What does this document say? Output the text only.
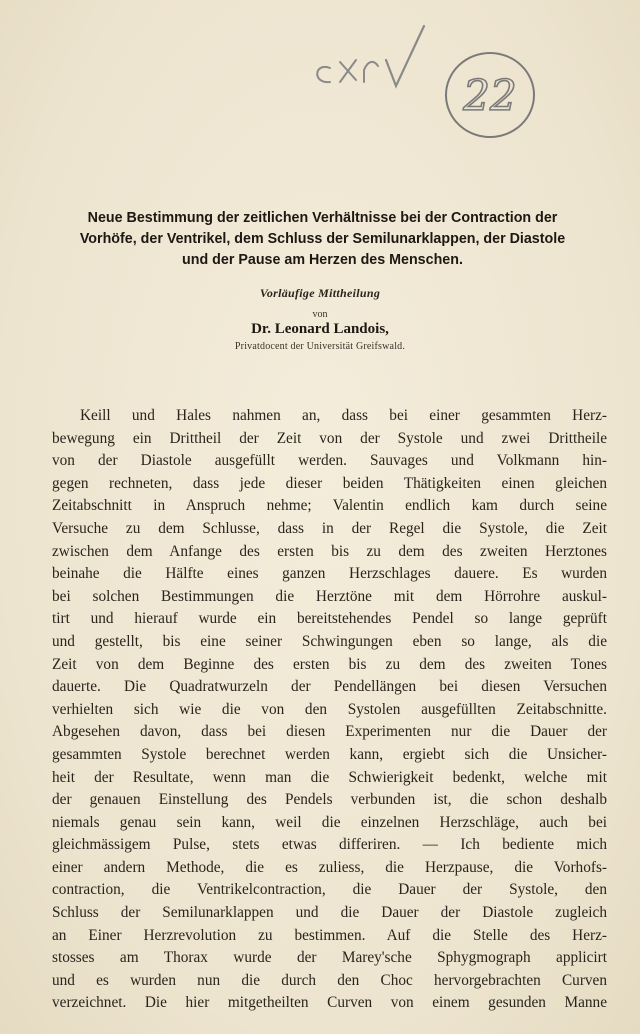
22
Neue Bestimmung der zeitlichen Verhältnisse bei der Contraction der
Vorhöfe, der Ventrikel, dem Schluss der Semilunarklappen, der Diastole
und der Pause am Herzen des Menschen.
Vorläufige Mittheilung
von
Dr. Leonard Landois,
Privatdocent der Universität Greifswald.
Keill und Hales nahmen an, dass bei einer gesammten Herz-
bewegung ein Drittheil der Zeit von der Systole und zwei Drittheile
von der Diastole ausgefüllt werden. Sauvages und Volkmann hin-
gegen rechneten, dass jede dieser beiden Thätigkeiten einen gleichen
Zeitabschnitt in Anspruch nehme; Valentin endlich kam durch seine
Versuche zu dem Schlusse, dass in der Regel die Systole, die Zeit
zwischen dem Anfange des ersten bis zu dem des zweiten Herztones
beinahe die Hälfte eines ganzen Herzschlages dauere. Es wurden
bei solchen Bestimmungen die Herztöne mit dem Hörrohre auskul-
tirt und hierauf wurde ein bereitstehendes Pendel so lange geprüft
und gestellt, bis eine seiner Schwingungen eben so lange, als die
Zeit von dem Beginne des ersten bis zu dem des zweiten Tones
dauerte. Die Quadratwurzeln der Pendellängen bei diesen Versuchen
verhielten sich wie die von den Systolen ausgefüllten Zeitabschnitte.
Abgesehen davon, dass bei diesen Experimenten nur die Dauer der
gesammten Systole berechnet werden kann, ergiebt sich die Unsicher-
heit der Resultate, wenn man die Schwierigkeit bedenkt, welche mit
der genauen Einstellung des Pendels verbunden ist, die schon deshalb
niemals genau sein kann, weil die einzelnen Herzschläge, auch bei
gleichmässigem Pulse, stets etwas differiren. — Ich bediente mich
einer andern Methode, die es zuliess, die Herzpause, die Vorhofs-
contraction, die Ventrikelcontraction, die Dauer der Systole, den
Schluss der Semilunarklappen und die Dauer der Diastole zugleich
an Einer Herzrevolution zu bestimmen. Auf die Stelle des Herz-
stosses am Thorax wurde der Marey'sche Sphygmograph applicirt
und es wurden nun die durch den Choc hervorgebrachten Curven
verzeichnet. Die hier mitgetheilten Curven von einem gesunden Manne
